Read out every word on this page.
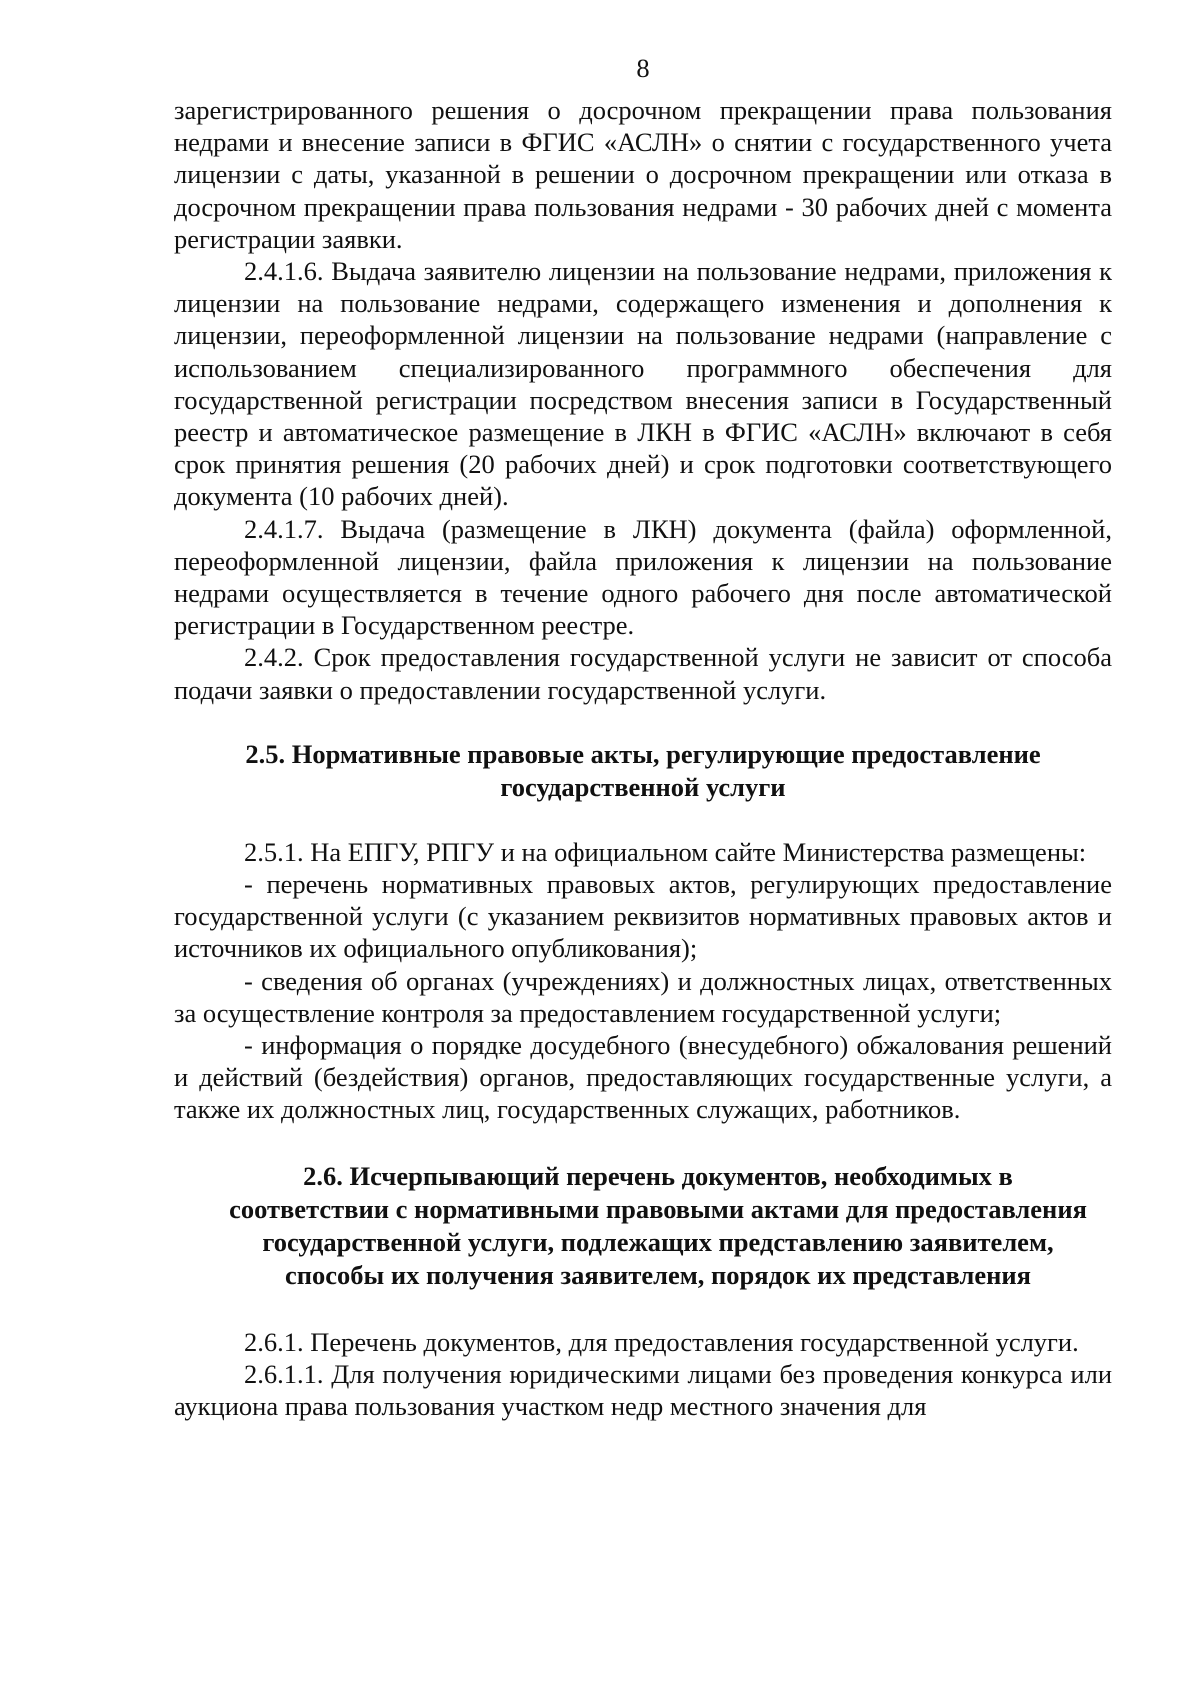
8

зарегистрированного решения о досрочном прекращении права пользования недрами и внесение записи в ФГИС «АСЛН» о снятии с государственного учета лицензии с даты, указанной в решении о досрочном прекращении или отказа в досрочном прекращении права пользования недрами - 30 рабочих дней с момента регистрации заявки.

2.4.1.6. Выдача заявителю лицензии на пользование недрами, приложения к лицензии на пользование недрами, содержащего изменения и дополнения к лицензии, переоформленной лицензии на пользование недрами (направление с использованием специализированного программного обеспечения для государственной регистрации посредством внесения записи в Государственный реестр и автоматическое размещение в ЛКН в ФГИС «АСЛН» включают в себя срок принятия решения (20 рабочих дней) и срок подготовки соответствующего документа (10 рабочих дней).

2.4.1.7. Выдача (размещение в ЛКН) документа (файла) оформленной, переоформленной лицензии, файла приложения к лицензии на пользование недрами осуществляется в течение одного рабочего дня после автоматической регистрации в Государственном реестре.

2.4.2. Срок предоставления государственной услуги не зависит от способа подачи заявки о предоставлении государственной услуги.

2.5. Нормативные правовые акты, регулирующие предоставление
государственной услуги

2.5.1. На ЕПГУ, РПГУ и на официальном сайте Министерства размещены:

- перечень нормативных правовых актов, регулирующих предоставление государственной услуги (с указанием реквизитов нормативных правовых актов и источников их официального опубликования);

- сведения об органах (учреждениях) и должностных лицах, ответственных за осуществление контроля за предоставлением государственной услуги;

- информация о порядке досудебного (внесудебного) обжалования решений и действий (бездействия) органов, предоставляющих государственные услуги, а также их должностных лиц, государственных служащих, работников.

2.6. Исчерпывающий перечень документов, необходимых в
соответствии с нормативными правовыми актами для предоставления
государственной услуги, подлежащих представлению заявителем,
способы их получения заявителем, порядок их представления

2.6.1. Перечень документов, для предоставления государственной услуги.

2.6.1.1. Для получения юридическими лицами без проведения конкурса или аукциона права пользования участком недр местного значения для
